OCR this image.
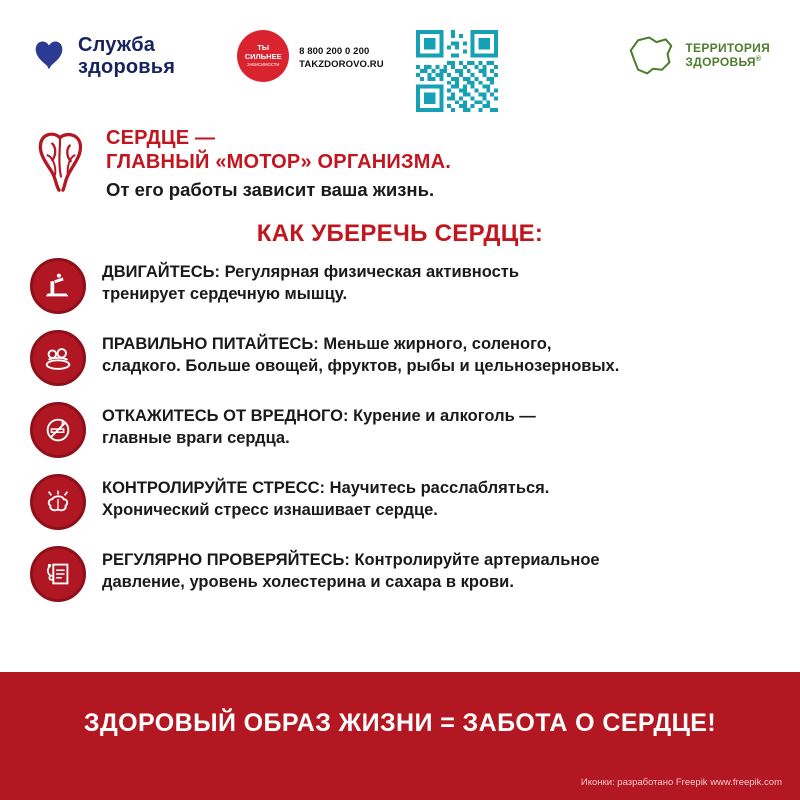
Служба
здоровья
ТЫ
СИЛЬНЕЕ
ЗАВИСИМОСТИ
8 800 200 0 200
TAKZDOROVO.RU
ТЕРРИТОРИЯ
ЗДОРОВЬЯ®
СЕРДЦЕ —
ГЛАВНЫЙ «МОТОР» ОРГАНИЗМА.
От его работы зависит ваша жизнь.
КАК УБЕРЕЧЬ СЕРДЦЕ:
ДВИГАЙТЕСЬ: Регулярная физическая активность
тренирует сердечную мышцу.
ПРАВИЛЬНО ПИТАЙТЕСЬ: Меньше жирного, соленого,
сладкого. Больше овощей, фруктов, рыбы и цельнозерновых.
ОТКАЖИТЕСЬ ОТ ВРЕДНОГО: Курение и алкоголь —
главные враги сердца.
КОНТРОЛИРУЙТЕ СТРЕСС: Научитесь расслабляться.
Хронический стресс изнашивает сердце.
РЕГУЛЯРНО ПРОВЕРЯЙТЕСЬ: Контролируйте артериальное
давление, уровень холестерина и сахара в крови.
ЗДОРОВЫЙ ОБРАЗ ЖИЗНИ = ЗАБОТА О СЕРДЦЕ!
Иконки: разработано Freepik www.freepik.com
